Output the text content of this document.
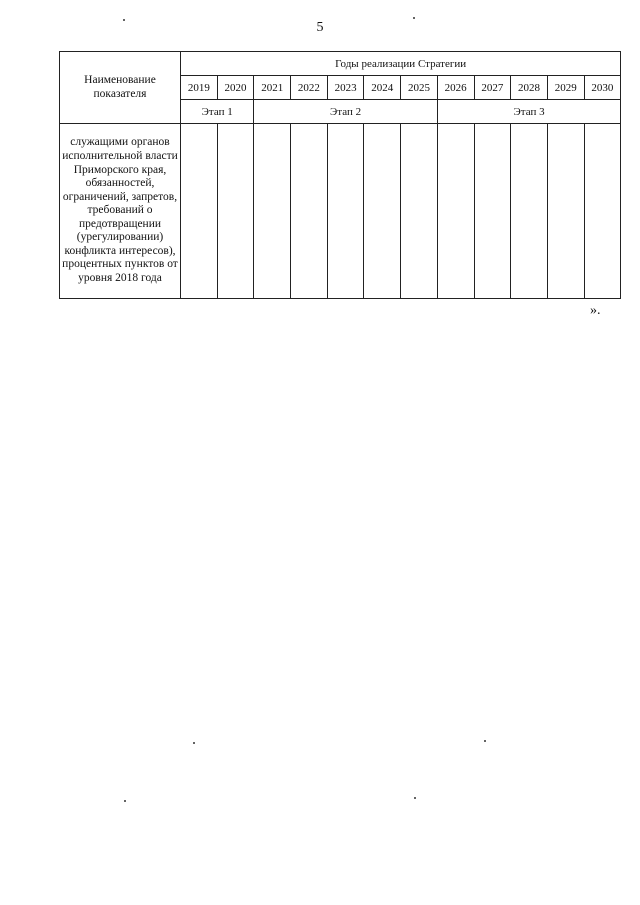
5
Наименование показателя	Годы реализации Стратегии											
	2019	2020	2021	2022	2023	2024	2025	2026	2027	2028	2029	2030
	Этап 1		Этап 2					Этап 3				
служащими органов исполнительной власти Приморского края, обязанностей, ограничений, запретов, требований о предотвращении (урегулировании) конфликта интересов), процентных пунктов от уровня 2018 года												
».
